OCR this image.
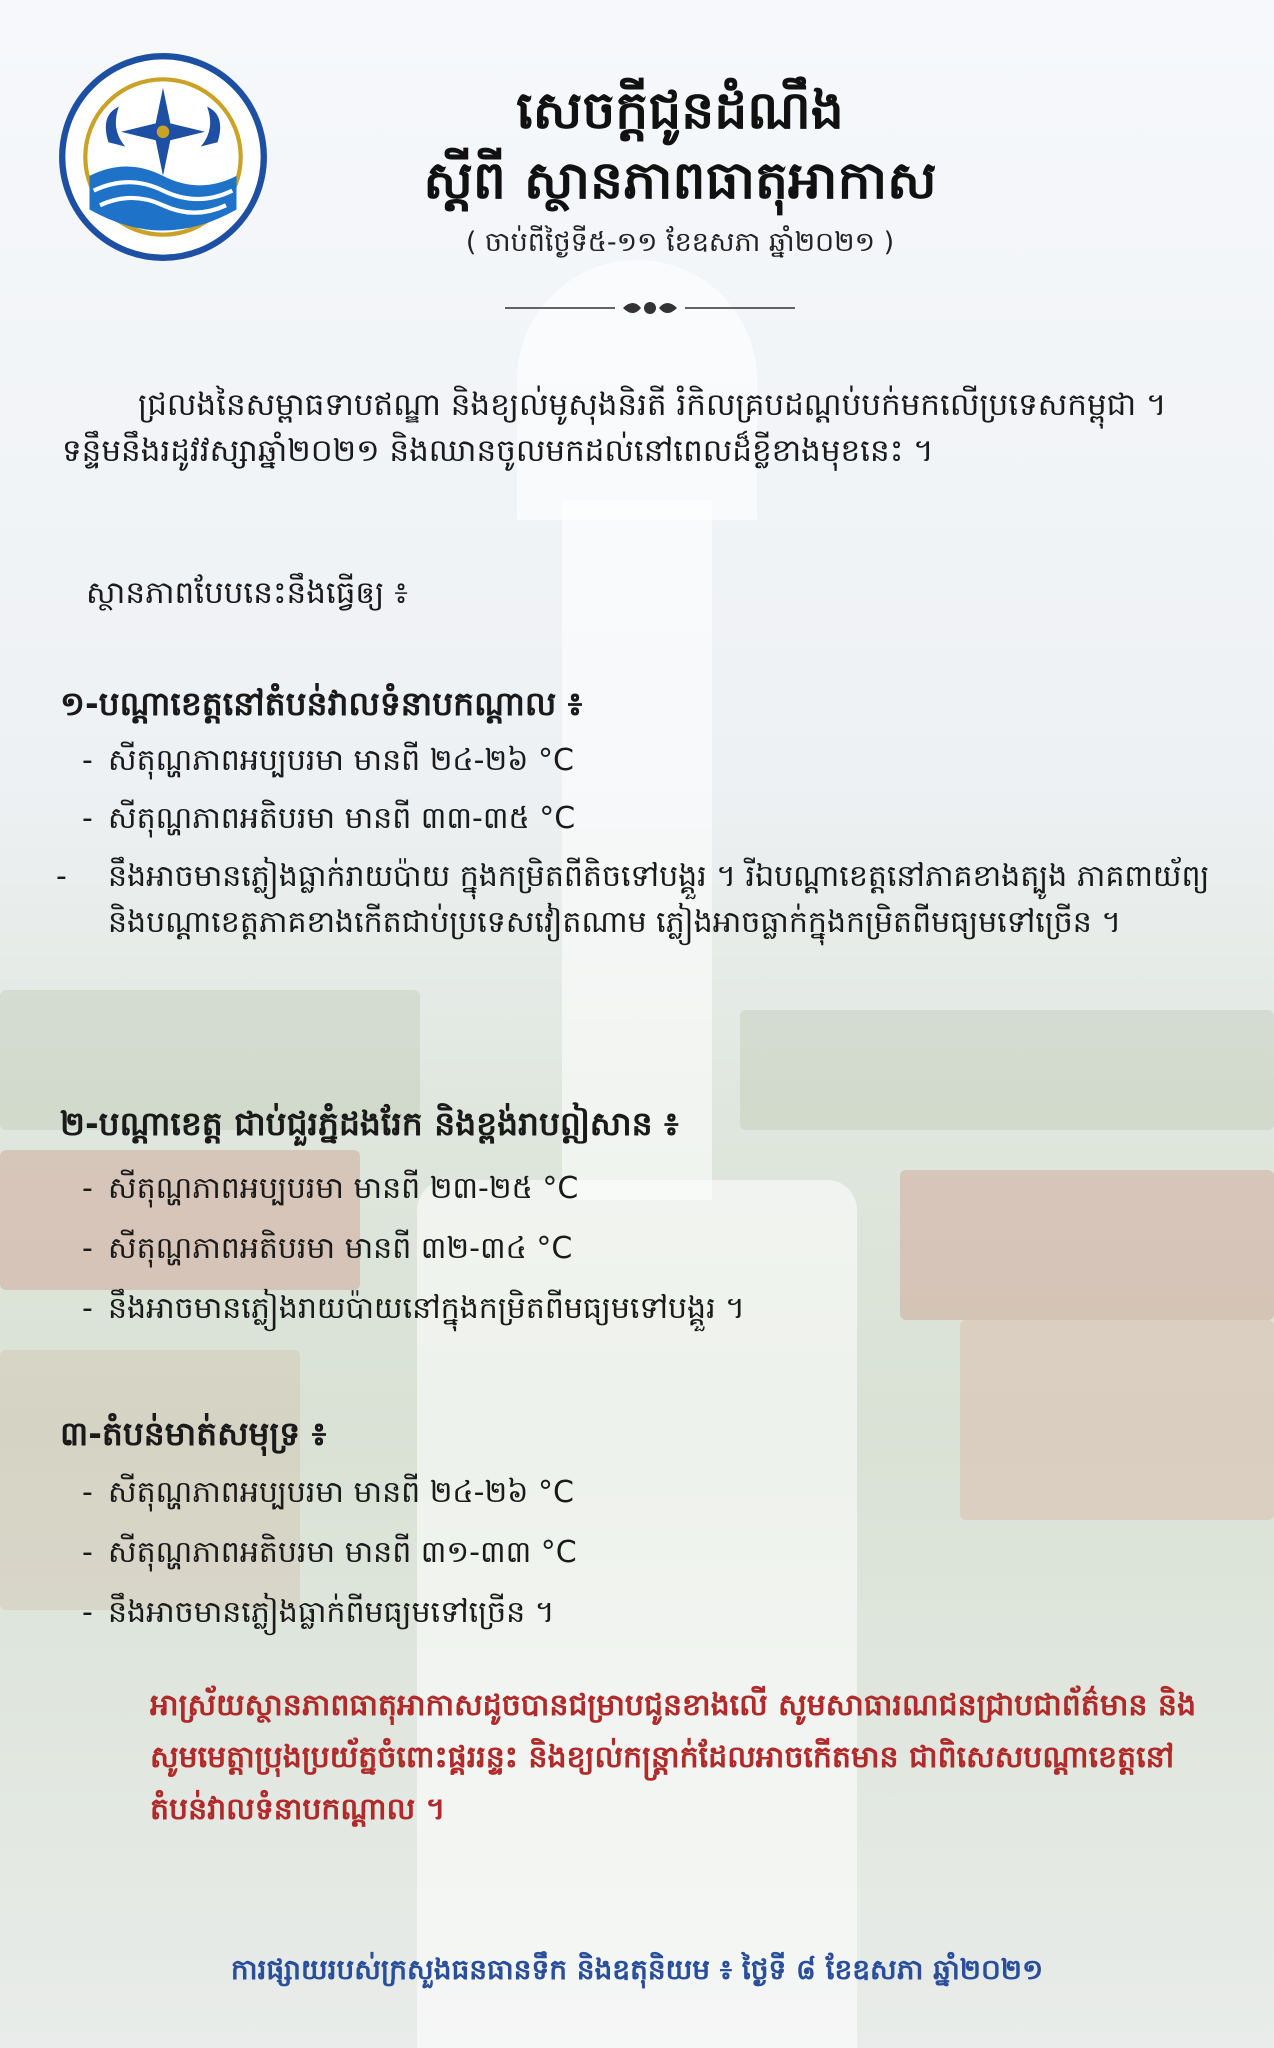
សេចក្តីជូនដំណឹង
ស្តីពី ស្ថានភាពធាតុអាកាស
( ចាប់ពីថ្ងៃទី៥-១១ ខែឧសភា ឆ្នាំ២០២១ )
ជ្រលងនៃសម្ពាធទាបឥណ្ឌា និងខ្យល់មូសុងនិរតី រំកិលគ្របដណ្តប់បក់មកលើប្រទេសកម្ពុជា ។ ទន្ទឹមនឹងរដូវវស្សាឆ្នាំ២០២១ និងឈានចូលមកដល់នៅពេលដ៏ខ្លីខាងមុខនេះ ។
ស្ថានភាពបែបនេះនឹងធ្វើឲ្យ ៖
១-បណ្តាខេត្តនៅតំបន់វាលទំនាបកណ្តាល ៖
- សីតុណ្ហភាពអប្បបរមា មានពី ២៤-២៦ °C
- សីតុណ្ហភាពអតិបរមា មានពី ៣៣-៣៥ °C
- នឹងអាចមានភ្លៀងធ្លាក់រាយប៉ាយ ក្នុងកម្រិតពីតិចទៅបង្គួរ ។ រីឯបណ្តាខេត្តនៅភាគខាងត្បូង ភាគពាយ័ព្យ និងបណ្តាខេត្តភាគខាងកើតជាប់ប្រទេសវៀតណាម ភ្លៀងអាចធ្លាក់ក្នុងកម្រិតពីមធ្យមទៅច្រើន ។
២-បណ្តាខេត្ត ជាប់ជួរភ្នំដងរែក និងខ្ពង់រាបឦសាន ៖
- សីតុណ្ហភាពអប្បបរមា មានពី ២៣-២៥ °C
- សីតុណ្ហភាពអតិបរមា មានពី ៣២-៣៤ °C
- នឹងអាចមានភ្លៀងរាយប៉ាយនៅក្នុងកម្រិតពីមធ្យមទៅបង្គួរ ។
៣-តំបន់មាត់សមុទ្រ ៖
- សីតុណ្ហភាពអប្បបរមា មានពី ២៤-២៦ °C
- សីតុណ្ហភាពអតិបរមា មានពី ៣១-៣៣ °C
- នឹងអាចមានភ្លៀងធ្លាក់ពីមធ្យមទៅច្រើន ។
អាស្រ័យស្ថានភាពធាតុអាកាសដូចបានជម្រាបជូនខាងលើ សូមសាធារណជនជ្រាបជាព័ត៌មាន និងសូមមេត្តាប្រុងប្រយ័ត្នចំពោះផ្គររន្ទះ និងខ្យល់កន្ត្រាក់ដែលអាចកើតមាន ជាពិសេសបណ្តាខេត្តនៅតំបន់វាលទំនាបកណ្តាល ។
ការផ្សាយរបស់ក្រសួងធនធានទឹក និងឧតុនិយម ៖ ថ្ងៃទី ៨ ខែឧសភា ឆ្នាំ២០២១
